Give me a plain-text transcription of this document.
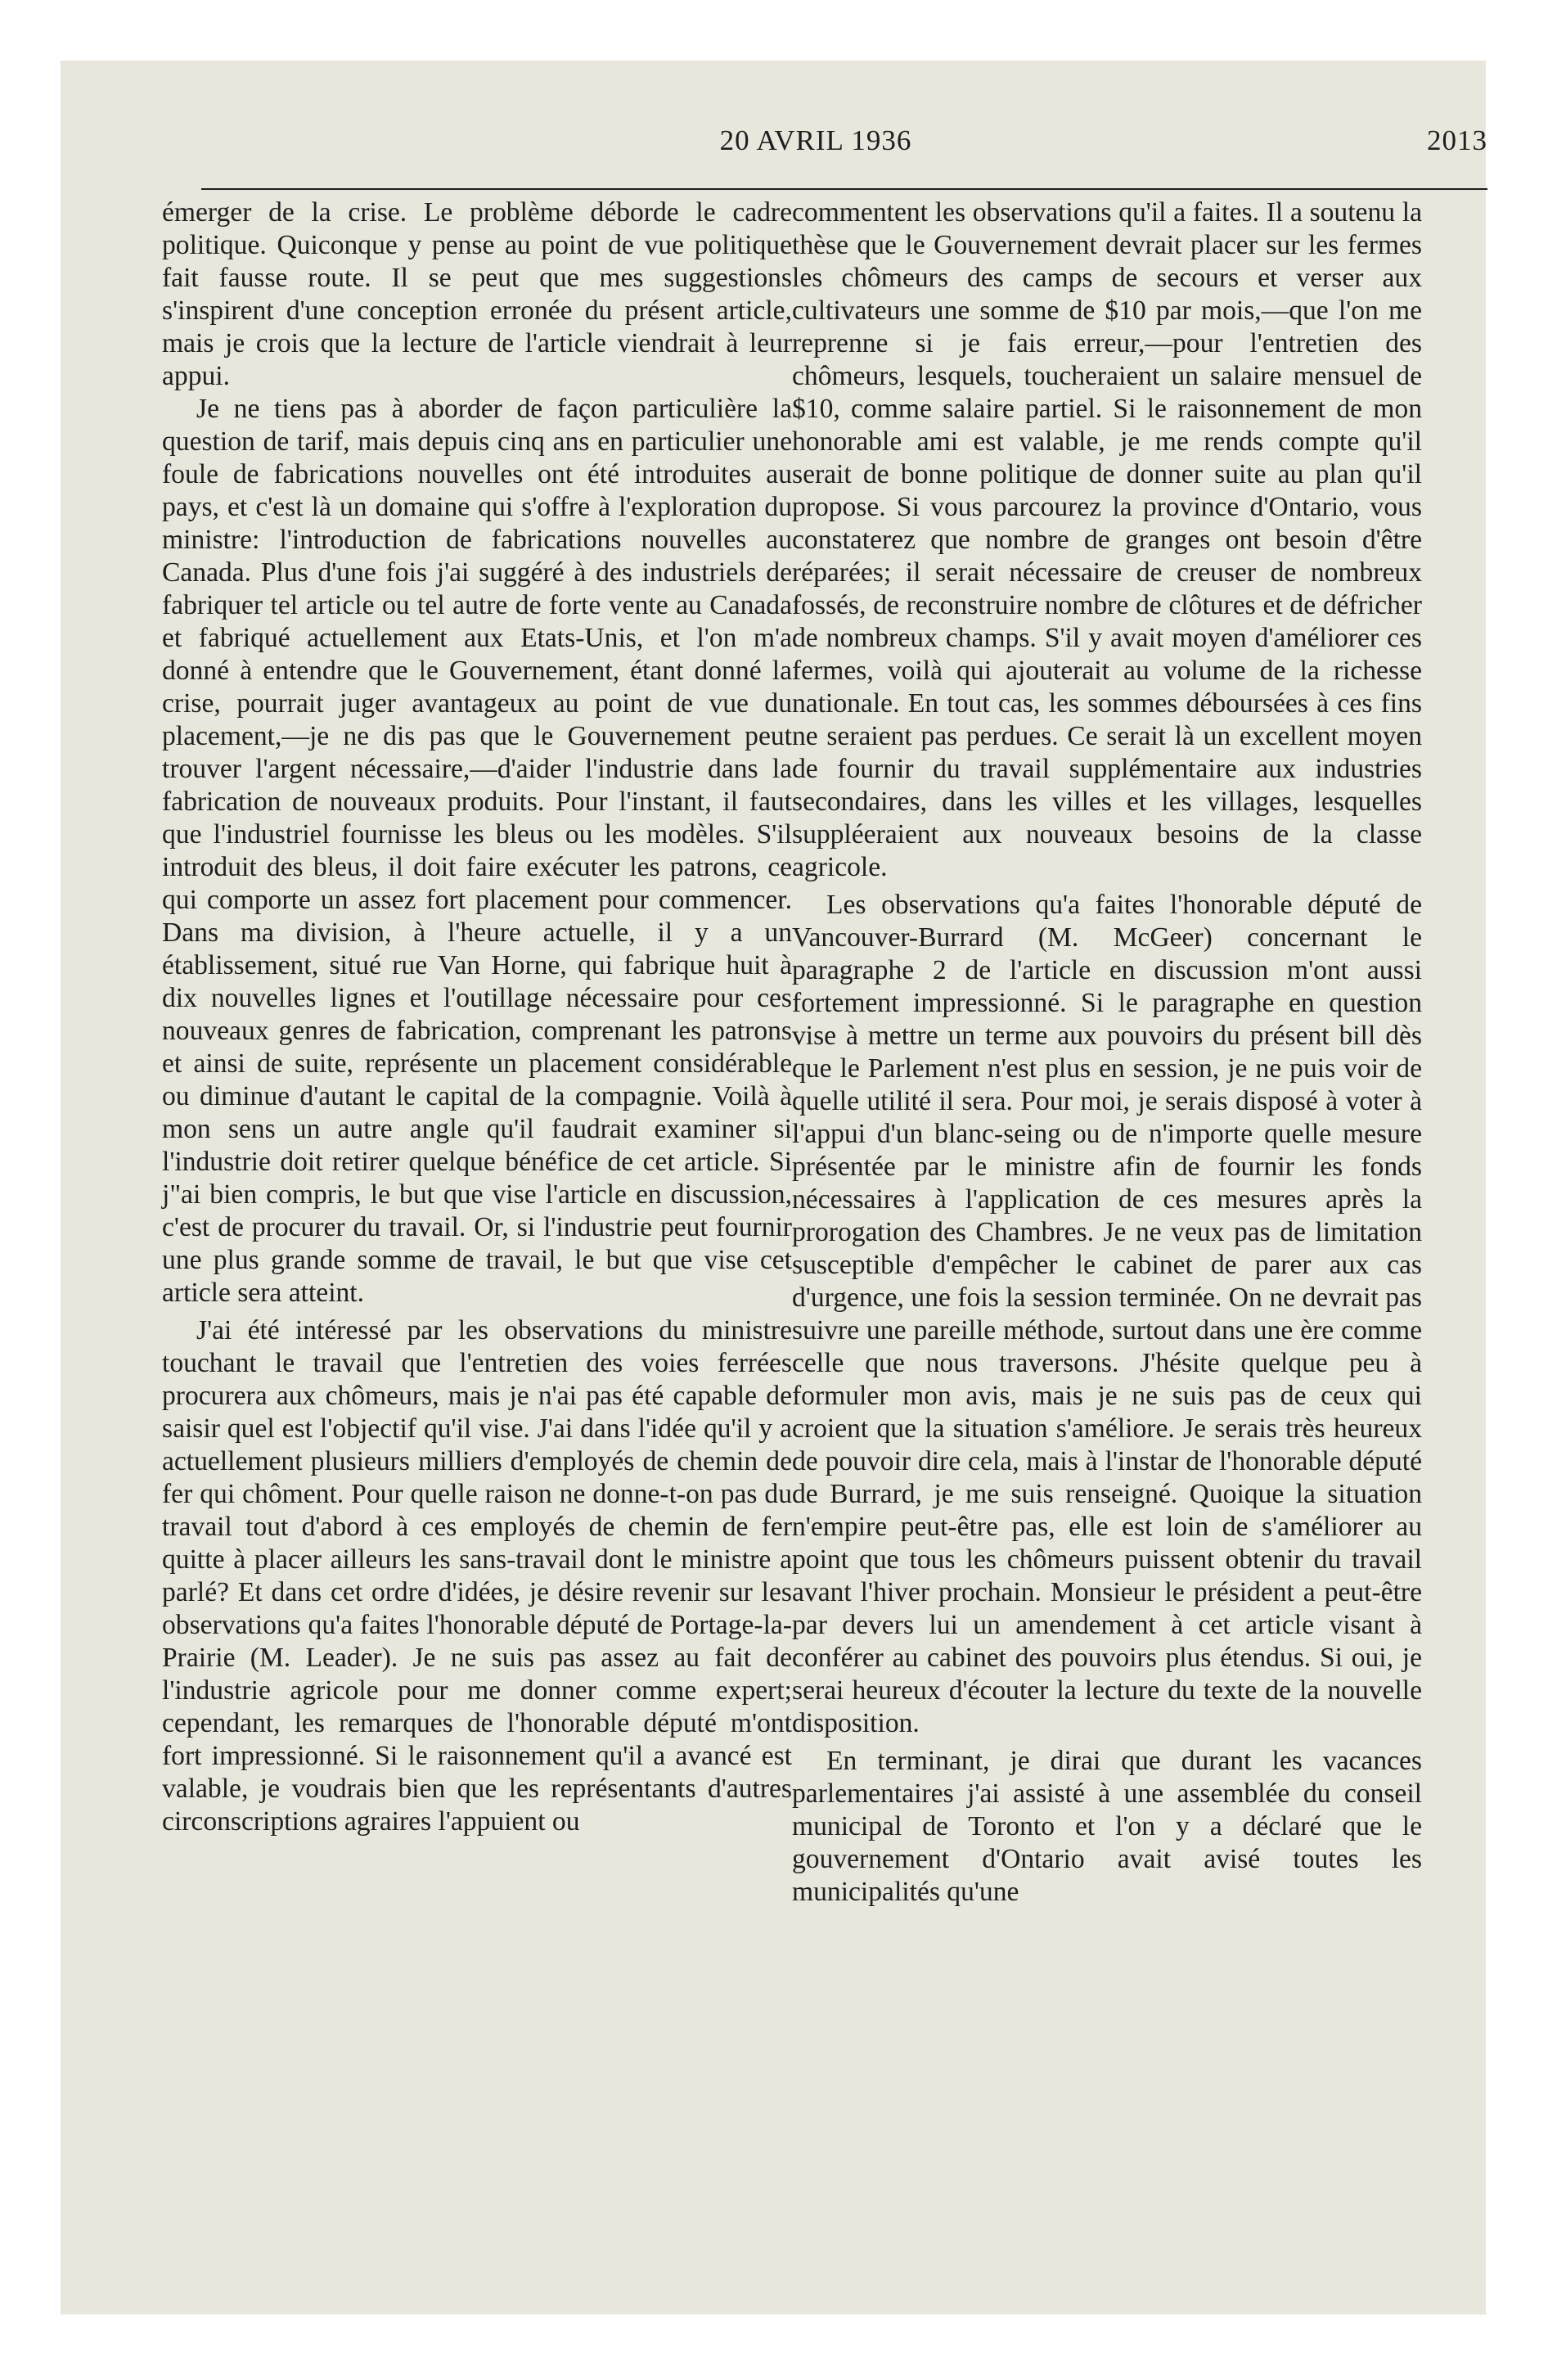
20 AVRIL 1936	2013

émerger de la crise. Le problème déborde le cadre politique. Quiconque y pense au point de vue politique fait fausse route. Il se peut que mes suggestions s'inspirent d'une conception erronée du présent article, mais je crois que la lecture de l'article viendrait à leur appui.

Je ne tiens pas à aborder de façon particulière la question de tarif, mais depuis cinq ans en particulier une foule de fabrications nouvelles ont été introduites au pays, et c'est là un domaine qui s'offre à l'exploration du ministre: l'introduction de fabrications nouvelles au Canada. Plus d'une fois j'ai suggéré à des industriels de fabriquer tel article ou tel autre de forte vente au Canada et fabriqué actuellement aux Etats-Unis, et l'on m'a donné à entendre que le Gouvernement, étant donné la crise, pourrait juger avantageux au point de vue du placement,—je ne dis pas que le Gouvernement peut trouver l'argent nécessaire,—d'aider l'industrie dans la fabrication de nouveaux produits. Pour l'instant, il faut que l'industriel fournisse les bleus ou les modèles. S'il introduit des bleus, il doit faire exécuter les patrons, ce qui comporte un assez fort placement pour commencer. Dans ma division, à l'heure actuelle, il y a un établissement, situé rue Van Horne, qui fabrique huit à dix nouvelles lignes et l'outillage nécessaire pour ces nouveaux genres de fabrication, comprenant les patrons et ainsi de suite, représente un placement considérable ou diminue d'autant le capital de la compagnie. Voilà à mon sens un autre angle qu'il faudrait examiner si l'industrie doit retirer quelque bénéfice de cet article. Si j"ai bien compris, le but que vise l'article en discussion, c'est de procurer du travail. Or, si l'industrie peut fournir une plus grande somme de travail, le but que vise cet article sera atteint.

J'ai été intéressé par les observations du ministre touchant le travail que l'entretien des voies ferrées procurera aux chômeurs, mais je n'ai pas été capable de saisir quel est l'objectif qu'il vise. J'ai dans l'idée qu'il y a actuellement plusieurs milliers d'employés de chemin de fer qui chôment. Pour quelle raison ne donne-t-on pas du travail tout d'abord à ces employés de chemin de fer quitte à placer ailleurs les sans-travail dont le ministre a parlé? Et dans cet ordre d'idées, je désire revenir sur les observations qu'a faites l'honorable député de Portage-la-Prairie (M. Leader). Je ne suis pas assez au fait de l'industrie agricole pour me donner comme expert; cependant, les remarques de l'honorable député m'ont fort impressionné. Si le raisonnement qu'il a avancé est valable, je voudrais bien que les représentants d'autres circonscriptions agraires l'appuient ou

commentent les observations qu'il a faites. Il a soutenu la thèse que le Gouvernement devrait placer sur les fermes les chômeurs des camps de secours et verser aux cultivateurs une somme de $10 par mois,—que l'on me reprenne si je fais erreur,—pour l'entretien des chômeurs, lesquels, toucheraient un salaire mensuel de $10, comme salaire partiel. Si le raisonnement de mon honorable ami est valable, je me rends compte qu'il serait de bonne politique de donner suite au plan qu'il propose. Si vous parcourez la province d'Ontario, vous constaterez que nombre de granges ont besoin d'être réparées; il serait nécessaire de creuser de nombreux fossés, de reconstruire nombre de clôtures et de défricher de nombreux champs. S'il y avait moyen d'améliorer ces fermes, voilà qui ajouterait au volume de la richesse nationale. En tout cas, les sommes déboursées à ces fins ne seraient pas perdues. Ce serait là un excellent moyen de fournir du travail supplémentaire aux industries secondaires, dans les villes et les villages, lesquelles suppléeraient aux nouveaux besoins de la classe agricole.

Les observations qu'a faites l'honorable député de Vancouver-Burrard (M. McGeer) concernant le paragraphe 2 de l'article en discussion m'ont aussi fortement impressionné. Si le paragraphe en question vise à mettre un terme aux pouvoirs du présent bill dès que le Parlement n'est plus en session, je ne puis voir de quelle utilité il sera. Pour moi, je serais disposé à voter à l'appui d'un blanc-seing ou de n'importe quelle mesure présentée par le ministre afin de fournir les fonds nécessaires à l'application de ces mesures après la prorogation des Chambres. Je ne veux pas de limitation susceptible d'empêcher le cabinet de parer aux cas d'urgence, une fois la session terminée. On ne devrait pas suivre une pareille méthode, surtout dans une ère comme celle que nous traversons. J'hésite quelque peu à formuler mon avis, mais je ne suis pas de ceux qui croient que la situation s'améliore. Je serais très heureux de pouvoir dire cela, mais à l'instar de l'honorable député de Burrard, je me suis renseigné. Quoique la situation n'empire peut-être pas, elle est loin de s'améliorer au point que tous les chômeurs puissent obtenir du travail avant l'hiver prochain. Monsieur le président a peut-être par devers lui un amendement à cet article visant à conférer au cabinet des pouvoirs plus étendus. Si oui, je serai heureux d'écouter la lecture du texte de la nouvelle disposition.

En terminant, je dirai que durant les vacances parlementaires j'ai assisté à une assemblée du conseil municipal de Toronto et l'on y a déclaré que le gouvernement d'Ontario avait avisé toutes les municipalités qu'une
